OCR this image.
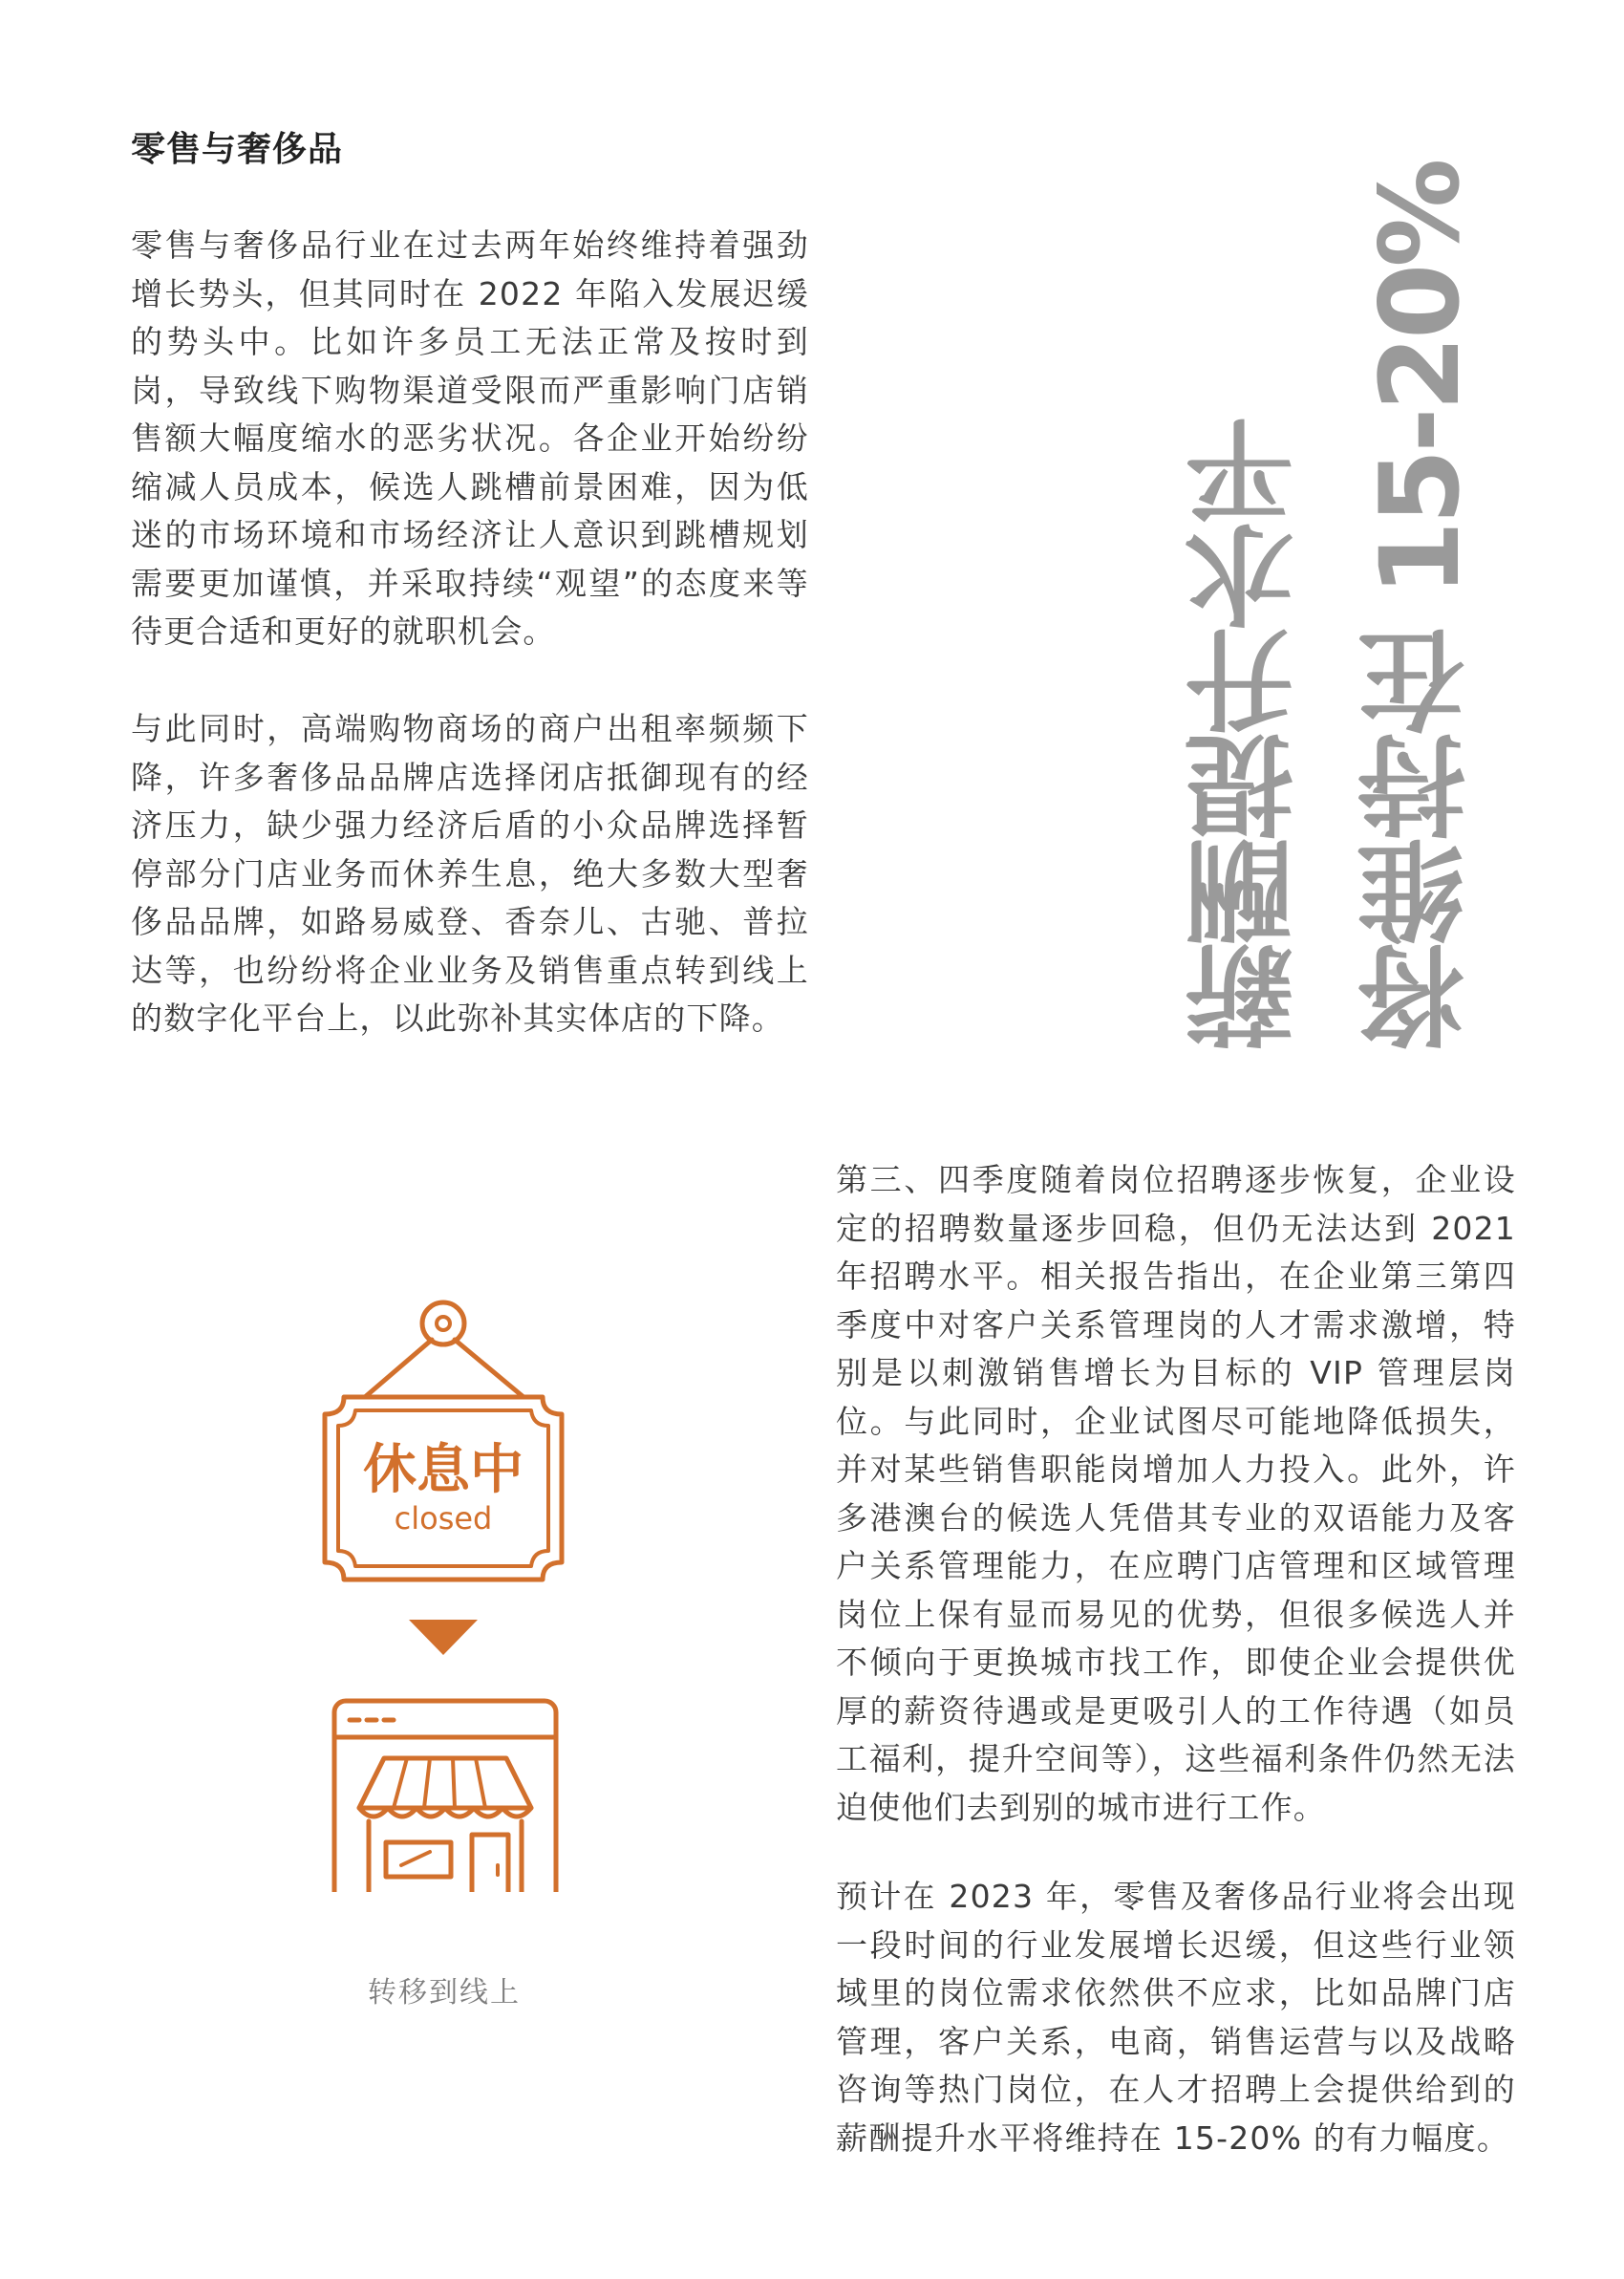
零售与奢侈品

零售与奢侈品行业在过去两年始终维持着强劲增长势头，但其同时在 2022 年陷入发展迟缓的势头中。比如许多员工无法正常及按时到岗，导致线下购物渠道受限而严重影响门店销售额大幅度缩水的恶劣状况。各企业开始纷纷缩减人员成本，候选人跳槽前景困难，因为低迷的市场环境和市场经济让人意识到跳槽规划需要更加谨慎，并采取持续“观望”的态度来等待更合适和更好的就职机会。

与此同时，高端购物商场的商户出租率频频下降，许多奢侈品品牌店选择闭店抵御现有的经济压力，缺少强力经济后盾的小众品牌选择暂停部分门店业务而休养生息，绝大多数大型奢侈品品牌，如路易威登、香奈儿、古驰、普拉达等，也纷纷将企业业务及销售重点转到线上的数字化平台上，以此弥补其实体店的下降。	薪酬提升水平 将维持在 15-20%
休息中
closed
转移到线上

第三、四季度随着岗位招聘逐步恢复，企业设定的招聘数量逐步回稳，但仍无法达到 2021 年招聘水平。相关报告指出，在企业第三第四季度中对客户关系管理岗的人才需求激增，特别是以刺激销售增长为目标的 VIP 管理层岗位。与此同时，企业试图尽可能地降低损失，并对某些销售职能岗增加人力投入。此外，许多港澳台的候选人凭借其专业的双语能力及客户关系管理能力，在应聘门店管理和区域管理岗位上保有显而易见的优势，但很多候选人并不倾向于更换城市找工作，即使企业会提供优厚的薪资待遇或是更吸引人的工作待遇（如员工福利，提升空间等），这些福利条件仍然无法迫使他们去到别的城市进行工作。

预计在 2023 年，零售及奢侈品行业将会出现一段时间的行业发展增长迟缓，但这些行业领域里的岗位需求依然供不应求，比如品牌门店管理，客户关系，电商，销售运营与以及战略咨询等热门岗位，在人才招聘上会提供给到的薪酬提升水平将维持在 15-20% 的有力幅度。
